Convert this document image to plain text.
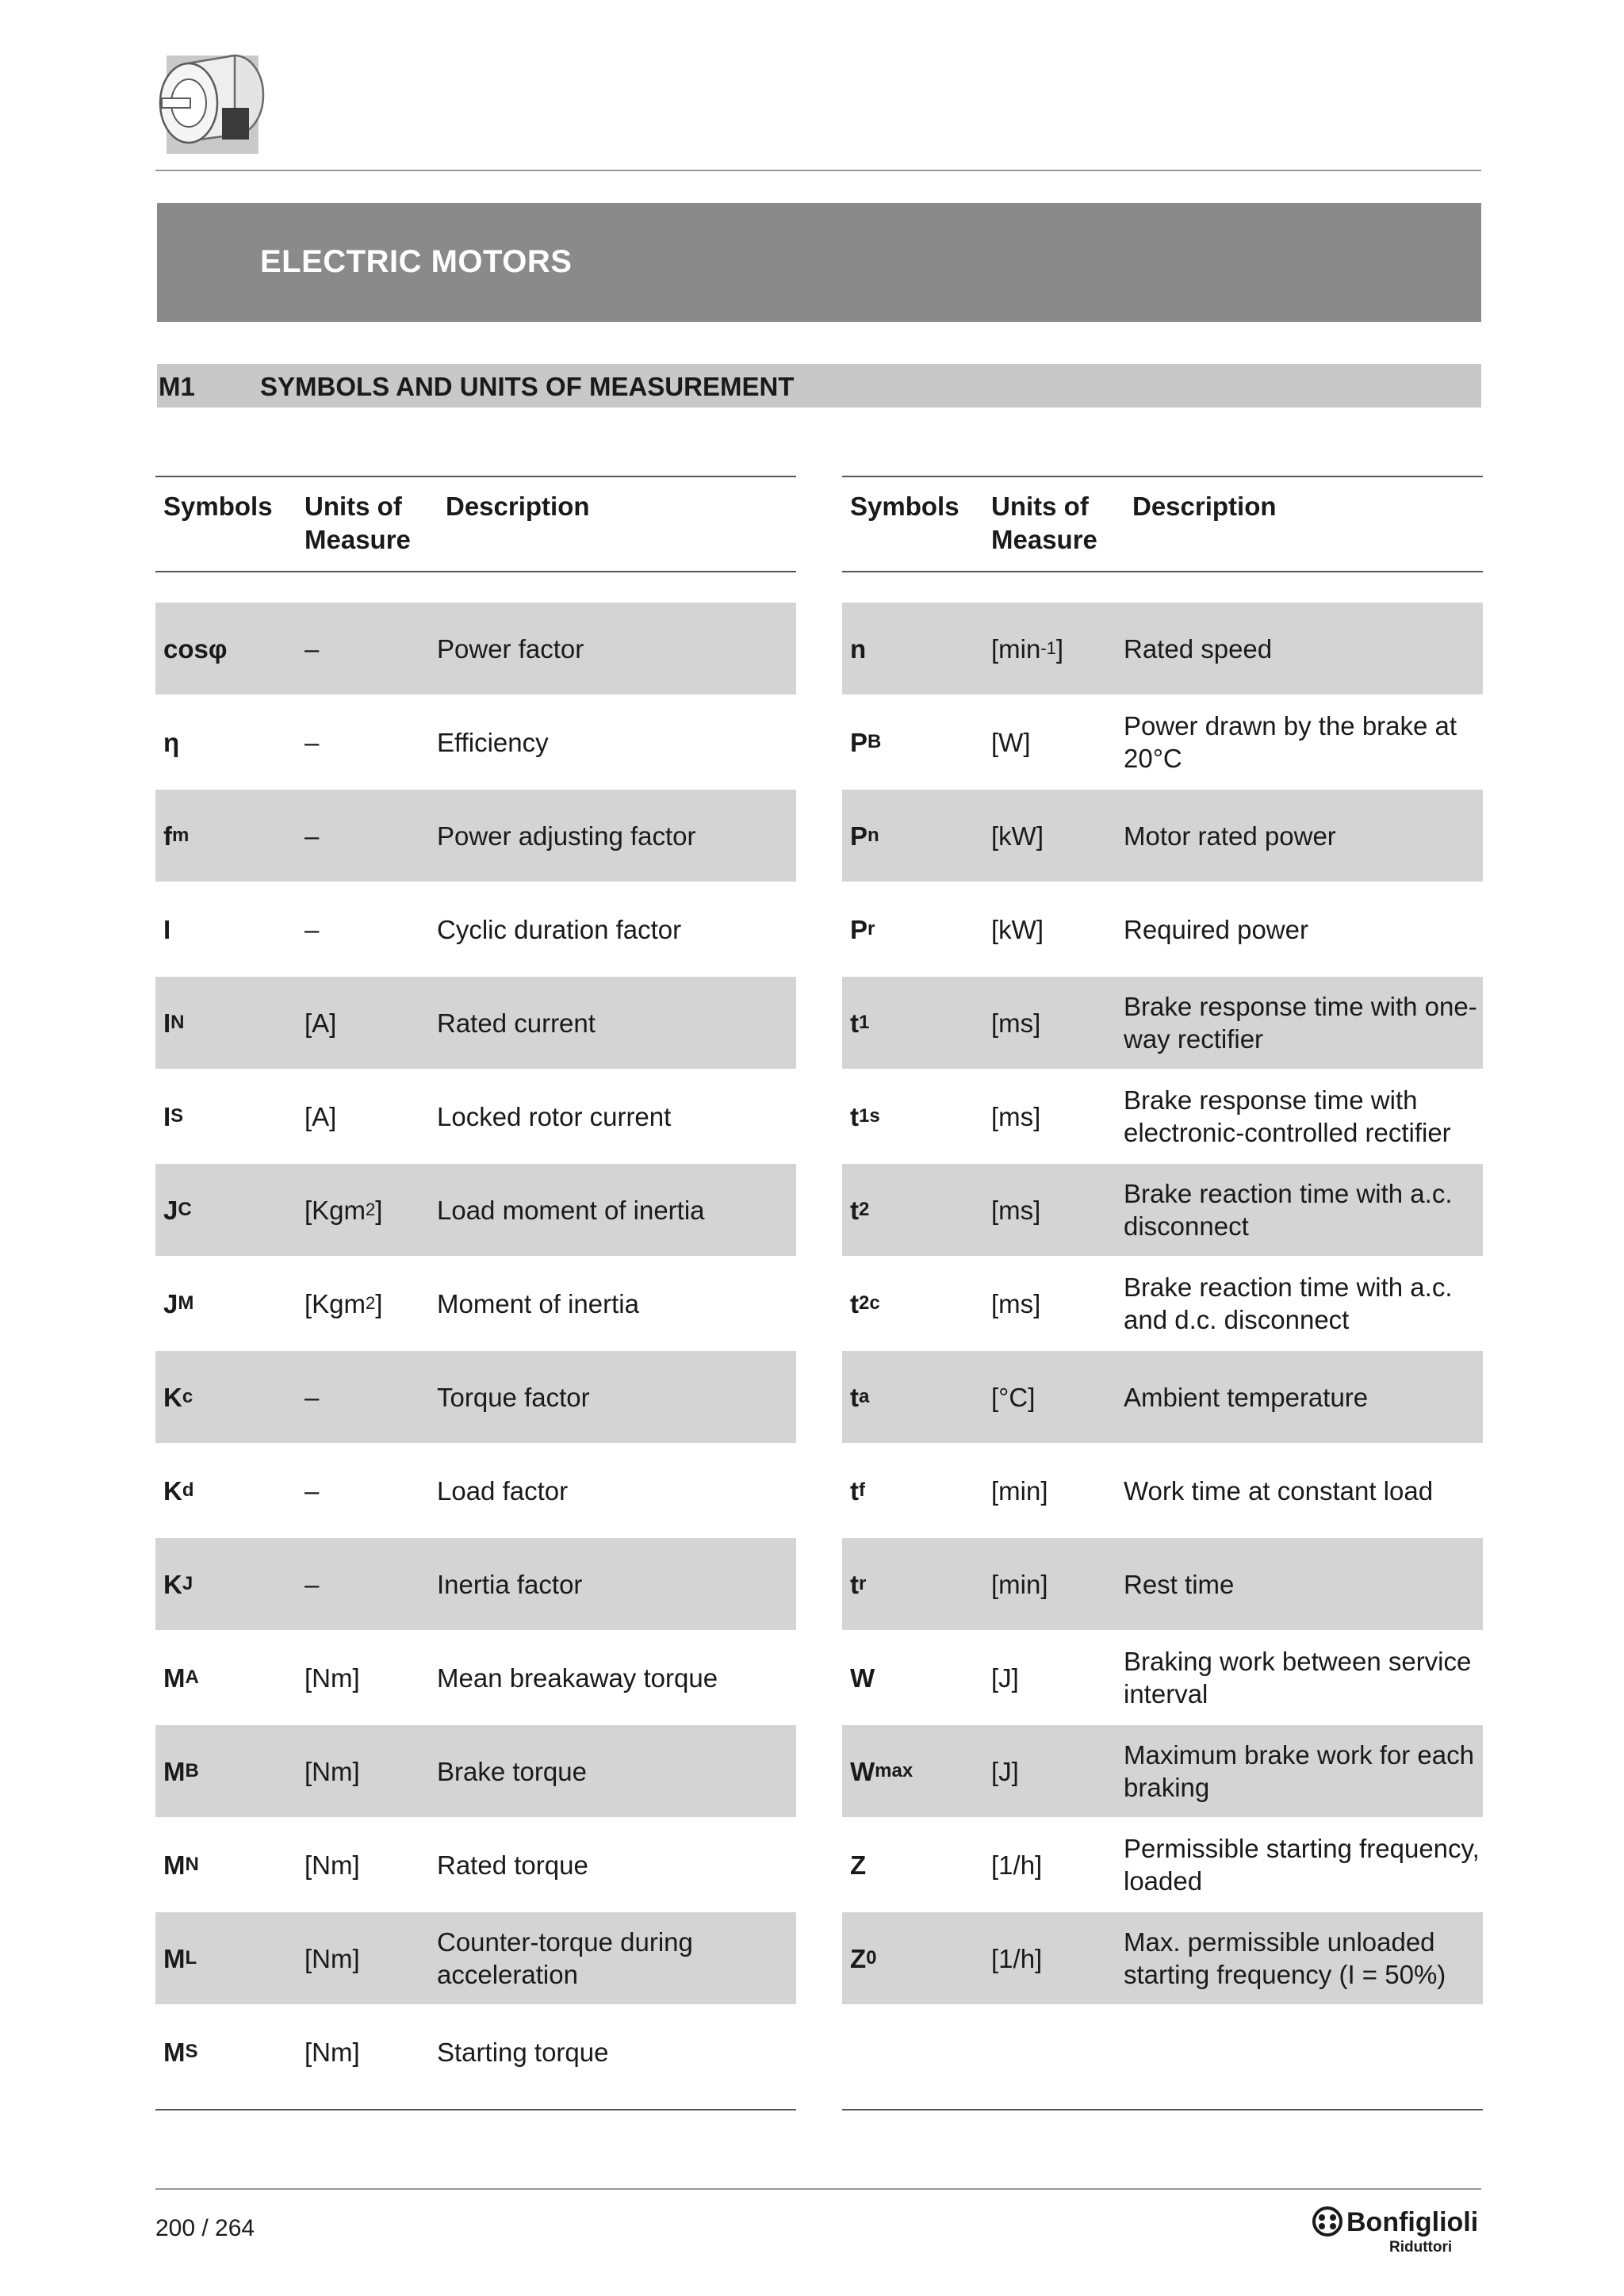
ELECTRIC MOTORS
M1 SYMBOLS AND UNITS OF MEASUREMENT
Symbols Units of
Measure
Description
cosφ	–	Power factor
η	–	Efficiency
f m	–	Power adjusting factor
I	–	Cyclic duration factor
I N	[A]	Rated current
I S	[A]	Locked rotor current
J C	[Kgm 2 ] Load moment of inertia
J M	[Kgm 2 ] Moment of inertia
K c	–	Torque factor
K d	–	Load factor
K J	–	Inertia factor
M A	[Nm]	Mean breakaway torque
M B	[Nm]	Brake torque
M N	[Nm]	Rated torque
M L	[Nm]
Counter-torque during acceleration
M S	[Nm]	Starting torque
Symbols Units of
Measure
Description
n	[min -1 ] Rated speed
P B	[W]
Power drawn by the brake at 20°C
P n	[kW]	Motor rated power
P r	[kW]	Required power
t 1	[ms]
Brake response time with one-way rectifier
t 1s	[ms]
Brake response time with electronic-controlled rectifier
t 2	[ms]
Brake reaction time with a.c. disconnect
t 2c	[ms]
Brake reaction time with a.c. and d.c. disconnect
t a	[°C]	Ambient temperature
t f	[min]	Work time at constant load
t r	[min]	Rest time
W	[J]
Braking work between service interval
W max	[J]
Maximum brake work for each braking
Z	[1/h]
Permissible starting frequency, loaded
Z 0	[1/h]
Max. permissible unloaded starting frequency (I = 50%)
200 / 264	Bonfiglioli
Riduttori
